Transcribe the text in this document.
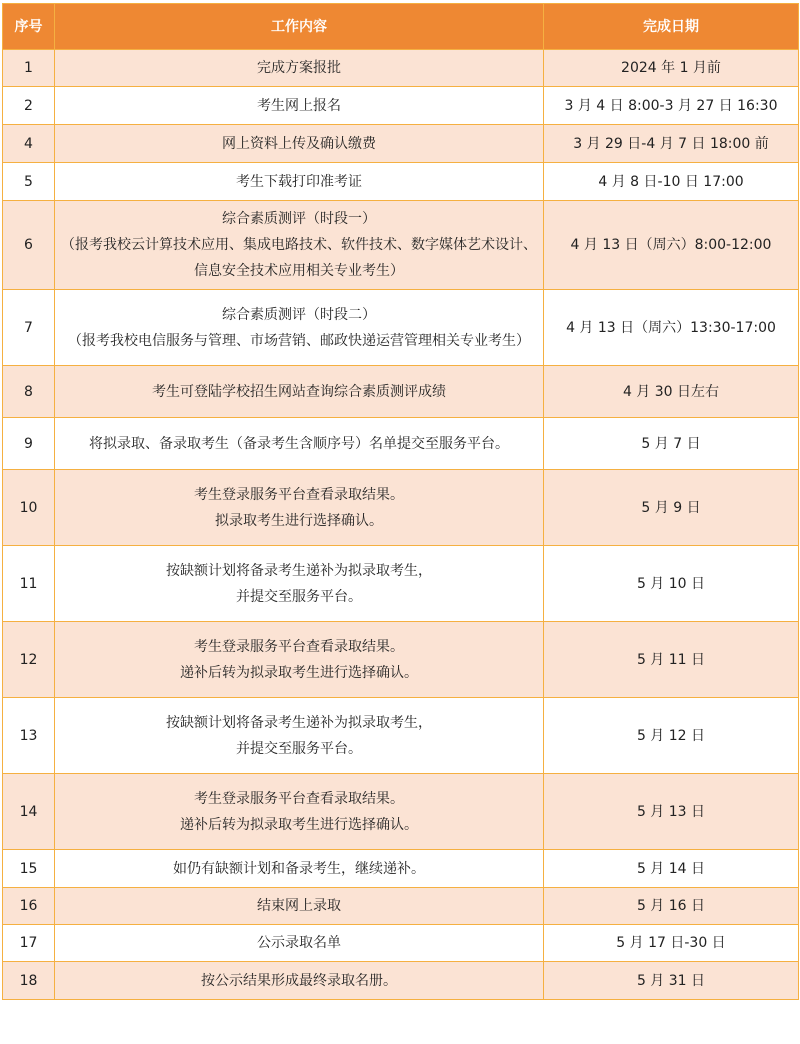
序号	工作内容	完成日期
1	完成方案报批	2024 年 1 月前
2	考生网上报名	3 月 4 日 8:00-3 月 27 日 16:30
4	网上资料上传及确认缴费	3 月 29 日-4 月 7 日 18:00 前
5	考生下载打印准考证	4 月 8 日-10 日 17:00
6	综合素质测评（时段一）
（报考我校云计算技术应用、集成电路技术、软件技术、数字媒体艺术设计、
信息安全技术应用相关专业考生）	4 月 13 日（周六）8:00-12:00
7	综合素质测评（时段二）
（报考我校电信服务与管理、市场营销、邮政快递运营管理相关专业考生）	4 月 13 日（周六）13:30-17:00
8	考生可登陆学校招生网站查询综合素质测评成绩	4 月 30 日左右
9	将拟录取、备录取考生（备录考生含顺序号）名单提交至服务平台。	5 月 7 日
10	考生登录服务平台查看录取结果。
拟录取考生进行选择确认。	5 月 9 日
11	按缺额计划将备录考生递补为拟录取考生，
并提交至服务平台。	5 月 10 日
12	考生登录服务平台查看录取结果。
递补后转为拟录取考生进行选择确认。	5 月 11 日
13	按缺额计划将备录考生递补为拟录取考生，
并提交至服务平台。	5 月 12 日
14	考生登录服务平台查看录取结果。
递补后转为拟录取考生进行选择确认。	5 月 13 日
15	如仍有缺额计划和备录考生，继续递补。	5 月 14 日
16	结束网上录取	5 月 16 日
17	公示录取名单	5 月 17 日-30 日
18	按公示结果形成最终录取名册。	5 月 31 日
